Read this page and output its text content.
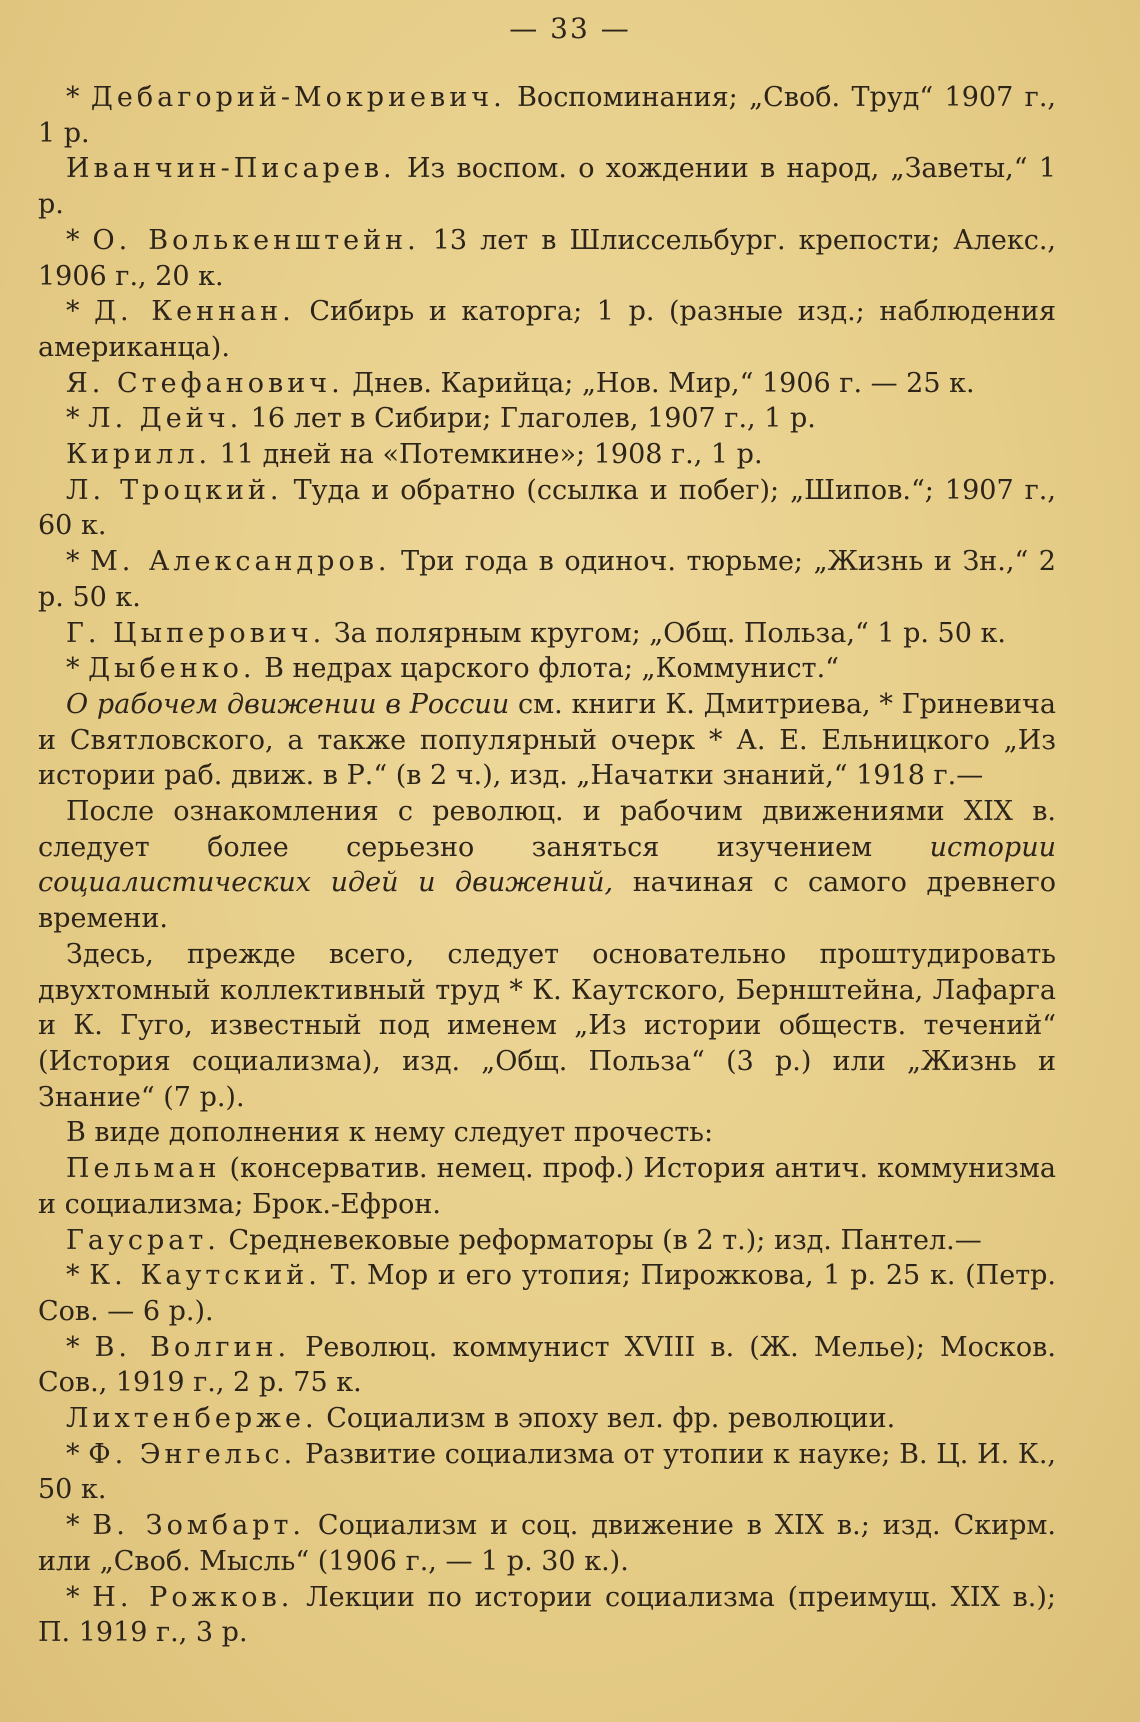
— 33 —

* Дебагорий-Мокриевич. Воспоминания; „Своб. Труд“ 1907 г., 1 р.

Иванчин-Писарев. Из воспом. о хождении в народ, „Заветы,“ 1 р.

* О. Волькенштейн. 13 лет в Шлиссельбург. крепости; Алекс., 1906 г., 20 к.

* Д. Кеннан. Сибирь и каторга; 1 р. (разные изд.; наблюдения американца).

Я. Стефанович. Днев. Карийца; „Нов. Мир,“ 1906 г. — 25 к.

* Л. Дейч. 16 лет в Сибири; Глаголев, 1907 г., 1 р.

Кирилл. 11 дней на «Потемкине»; 1908 г., 1 р.

Л. Троцкий. Туда и обратно (ссылка и побег); „Шипов.“; 1907 г., 60 к.

* М. Александров. Три года в одиноч. тюрьме; „Жизнь и Зн.,“ 2 р. 50 к.

Г. Цыперович. За полярным кругом; „Общ. Польза,“ 1 р. 50 к.

* Дыбенко. В недрах царского флота; „Коммунист.“

О рабочем движении в России см. книги К. Дмитриева, * Гриневича и Святловского, а также популярный очерк * А. Е. Ельницкого „Из истории раб. движ. в Р.“ (в 2 ч.), изд. „Начатки знаний,“ 1918 г.—

После ознакомления с революц. и рабочим движениями XIX в. следует более серьезно заняться изучением истории социалистических идей и движений, начиная с самого древнего времени.

Здесь, прежде всего, следует основательно проштудировать двухтомный коллективный труд * К. Каутского, Бернштейна, Лафарга и К. Гуго, известный под именем „Из истории обществ. течений“ (История социализма), изд. „Общ. Польза“ (3 р.) или „Жизнь и Знание“ (7 р.).

В виде дополнения к нему следует прочесть:

Пельман (консерватив. немец. проф.) История антич. коммунизма и социализма; Брок.-Ефрон.

Гаусрат. Средневековые реформаторы (в 2 т.); изд. Пантел.—

* К. Каутский. Т. Мор и его утопия; Пирожкова, 1 р. 25 к. (Петр. Сов. — 6 р.).

* В. Волгин. Революц. коммунист XVIII в. (Ж. Мелье); Москов. Сов., 1919 г., 2 р. 75 к.

Лихтенберже. Социализм в эпоху вел. фр. революции.

* Ф. Энгельс. Развитие социализма от утопии к науке; В. Ц. И. К., 50 к.

* В. Зомбарт. Социализм и соц. движение в XIX в.; изд. Скирм. или „Своб. Мысль“ (1906 г., — 1 р. 30 к.).

* Н. Рожков. Лекции по истории социализма (преимущ. XIX в.); П. 1919 г., 3 р.
